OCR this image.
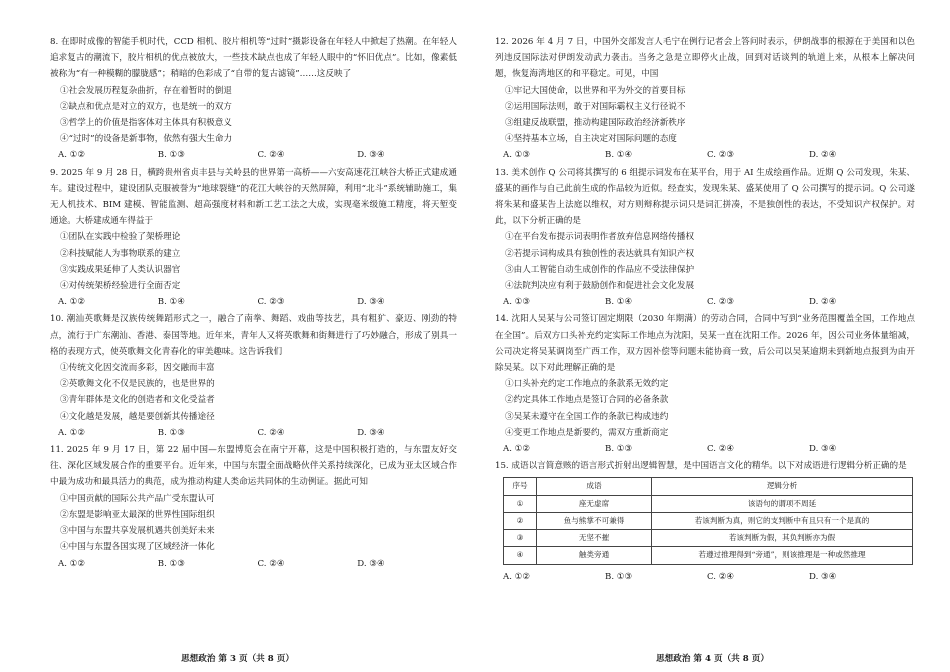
8. 在即时成像的智能手机时代，CCD 相机、胶片相机等“过时”摄影设备在年轻人中掀起了热潮。在年轻人追求复古的潮流下，胶片相机的优点被放大，一些技术缺点也成了年轻人眼中的“怀旧优点”。比如，像素低被称为“有一种模糊的朦胧感”；稍暗的色彩成了“自带的复古滤镜”……这反映了
①社会发展历程复杂曲折，存在着暂时的倒退
②缺点和优点是对立的双方，也是统一的双方
③哲学上的价值是指客体对主体具有积极意义
④“过时”的设备是新事物，依然有强大生命力
A. ①②	B. ①③	C. ②④	D. ③④
9. 2025 年 9 月 28 日，横跨贵州省贞丰县与关岭县的世界第一高桥——六安高速花江峡谷大桥正式建成通车。建设过程中，建设团队克服被誉为“地球裂缝”的花江大峡谷的天然屏障，利用“北斗”系统辅助施工，集无人机技术、BIM 建模、智能监测、超高强度材料和新工艺工法之大成，实现毫米级施工精度，将天堑变通途。大桥建成通车得益于
①团队在实践中检验了架桥理论
②科技赋能人为事物联系的建立
③实践成果延伸了人类认识器官
④对传统架桥经验进行全面否定
A. ①②	B. ①④	C. ②③	D. ③④
10. 潮汕英歌舞是汉族传统舞蹈形式之一，融合了南拳、舞蹈、戏曲等技艺，具有粗犷、豪迈、刚劲的特点，流行于广东潮汕、香港、泰国等地。近年来，青年人又将英歌舞和街舞进行了巧妙融合，形成了别具一格的表现方式，使英歌舞文化青春化的审美趣味。这告诉我们
①传统文化因交流而多彩，因交融而丰富
②英歌舞文化不仅是民族的，也是世界的
③青年群体是文化的创造者和文化受益者
④文化越是发展，越是要创新其传播途径
A. ①②	B. ①③	C. ②④	D. ③④
11. 2025 年 9 月 17 日，第 22 届中国—东盟博览会在南宁开幕，这是中国积极打造的，与东盟友好交往、深化区域发展合作的重要平台。近年来，中国与东盟全面战略伙伴关系持续深化，已成为亚太区域合作中最为成功和最具活力的典范，成为推动构建人类命运共同体的生动例证。据此可知
①中国贡献的国际公共产品广受东盟认可
②东盟是影响亚太最深的世界性国际组织
③中国与东盟共享发展机遇共创美好未来
④中国与东盟各国实现了区域经济一体化
A. ①②	B. ①③	C. ②④	D. ③④
思想政治 第 3 页（共 8 页）
12. 2026 年 4 月 7 日，中国外交部发言人毛宁在例行记者会上答问时表示，伊朗战事的根源在于美国和以色列违反国际法对伊朗发动武力袭击。当务之急是立即停火止战，回到对话谈判的轨道上来，从根本上解决问题，恢复海湾地区的和平稳定。可见，中国
①牢记大国使命，以世界和平为外交的首要目标
②运用国际法则，敢于对国际霸权主义行径说不
③组建反战联盟，推动构建国际政治经济新秩序
④坚持基本立场，自主决定对国际问题的态度
A. ①③	B. ①④	C. ②③	D. ②④
13. 美术创作 Q 公司将其撰写的 6 组提示词发布在某平台，用于 AI 生成绘画作品。近期 Q 公司发现，朱某、盛某的画作与自己此前生成的作品较为近似。经查实，发现朱某、盛某使用了 Q 公司撰写的提示词。Q 公司遂将朱某和盛某告上法庭以维权，对方则辩称提示词只是词汇拼凑，不是独创性的表达，不受知识产权保护。对此，以下分析正确的是
①在平台发布提示词表明作者放弃信息网络传播权
②若提示词构成具有独创性的表达就具有知识产权
③由人工智能自动生成创作的作品应不受法律保护
④法院判决应有利于鼓励创作和促进社会文化发展
A. ①③	B. ①④	C. ②③	D. ②④
14. 沈阳人吴某与公司签订固定期限（2030 年期满）的劳动合同，合同中写到“业务范围覆盖全国，工作地点在全国”。后双方口头补充约定实际工作地点为沈阳，吴某一直在沈阳工作。2026 年，因公司业务体量缩减，公司决定将吴某调岗至广西工作，双方因补偿等问题未能协商一致，后公司以吴某逾期未到新地点报到为由开除吴某。以下对此理解正确的是
①口头补充约定工作地点的条款系无效约定
②约定具体工作地点是签订合同的必备条款
③吴某未遵守在全国工作的条款已构成违约
④变更工作地点是新要约，需双方重新商定
A. ①②	B. ①③	C. ②④	D. ③④
15. 成语以言简意赅的语言形式折射出逻辑智慧，是中国语言文化的精华。以下对成语进行逻辑分析正确的是
序号	成语	逻辑分析
①	座无虚席	该语句的谓项不周延
②	鱼与熊掌不可兼得	若该判断为真，则它的支判断中有且只有一个是真的
③	无坚不摧	若该判断为假，其负判断亦为假
④	触类旁通	若遵过推理得到“旁通”，则该推理是一种或然推理
A. ①②	B. ①③	C. ②④	D. ③④
思想政治 第 4 页（共 8 页）
